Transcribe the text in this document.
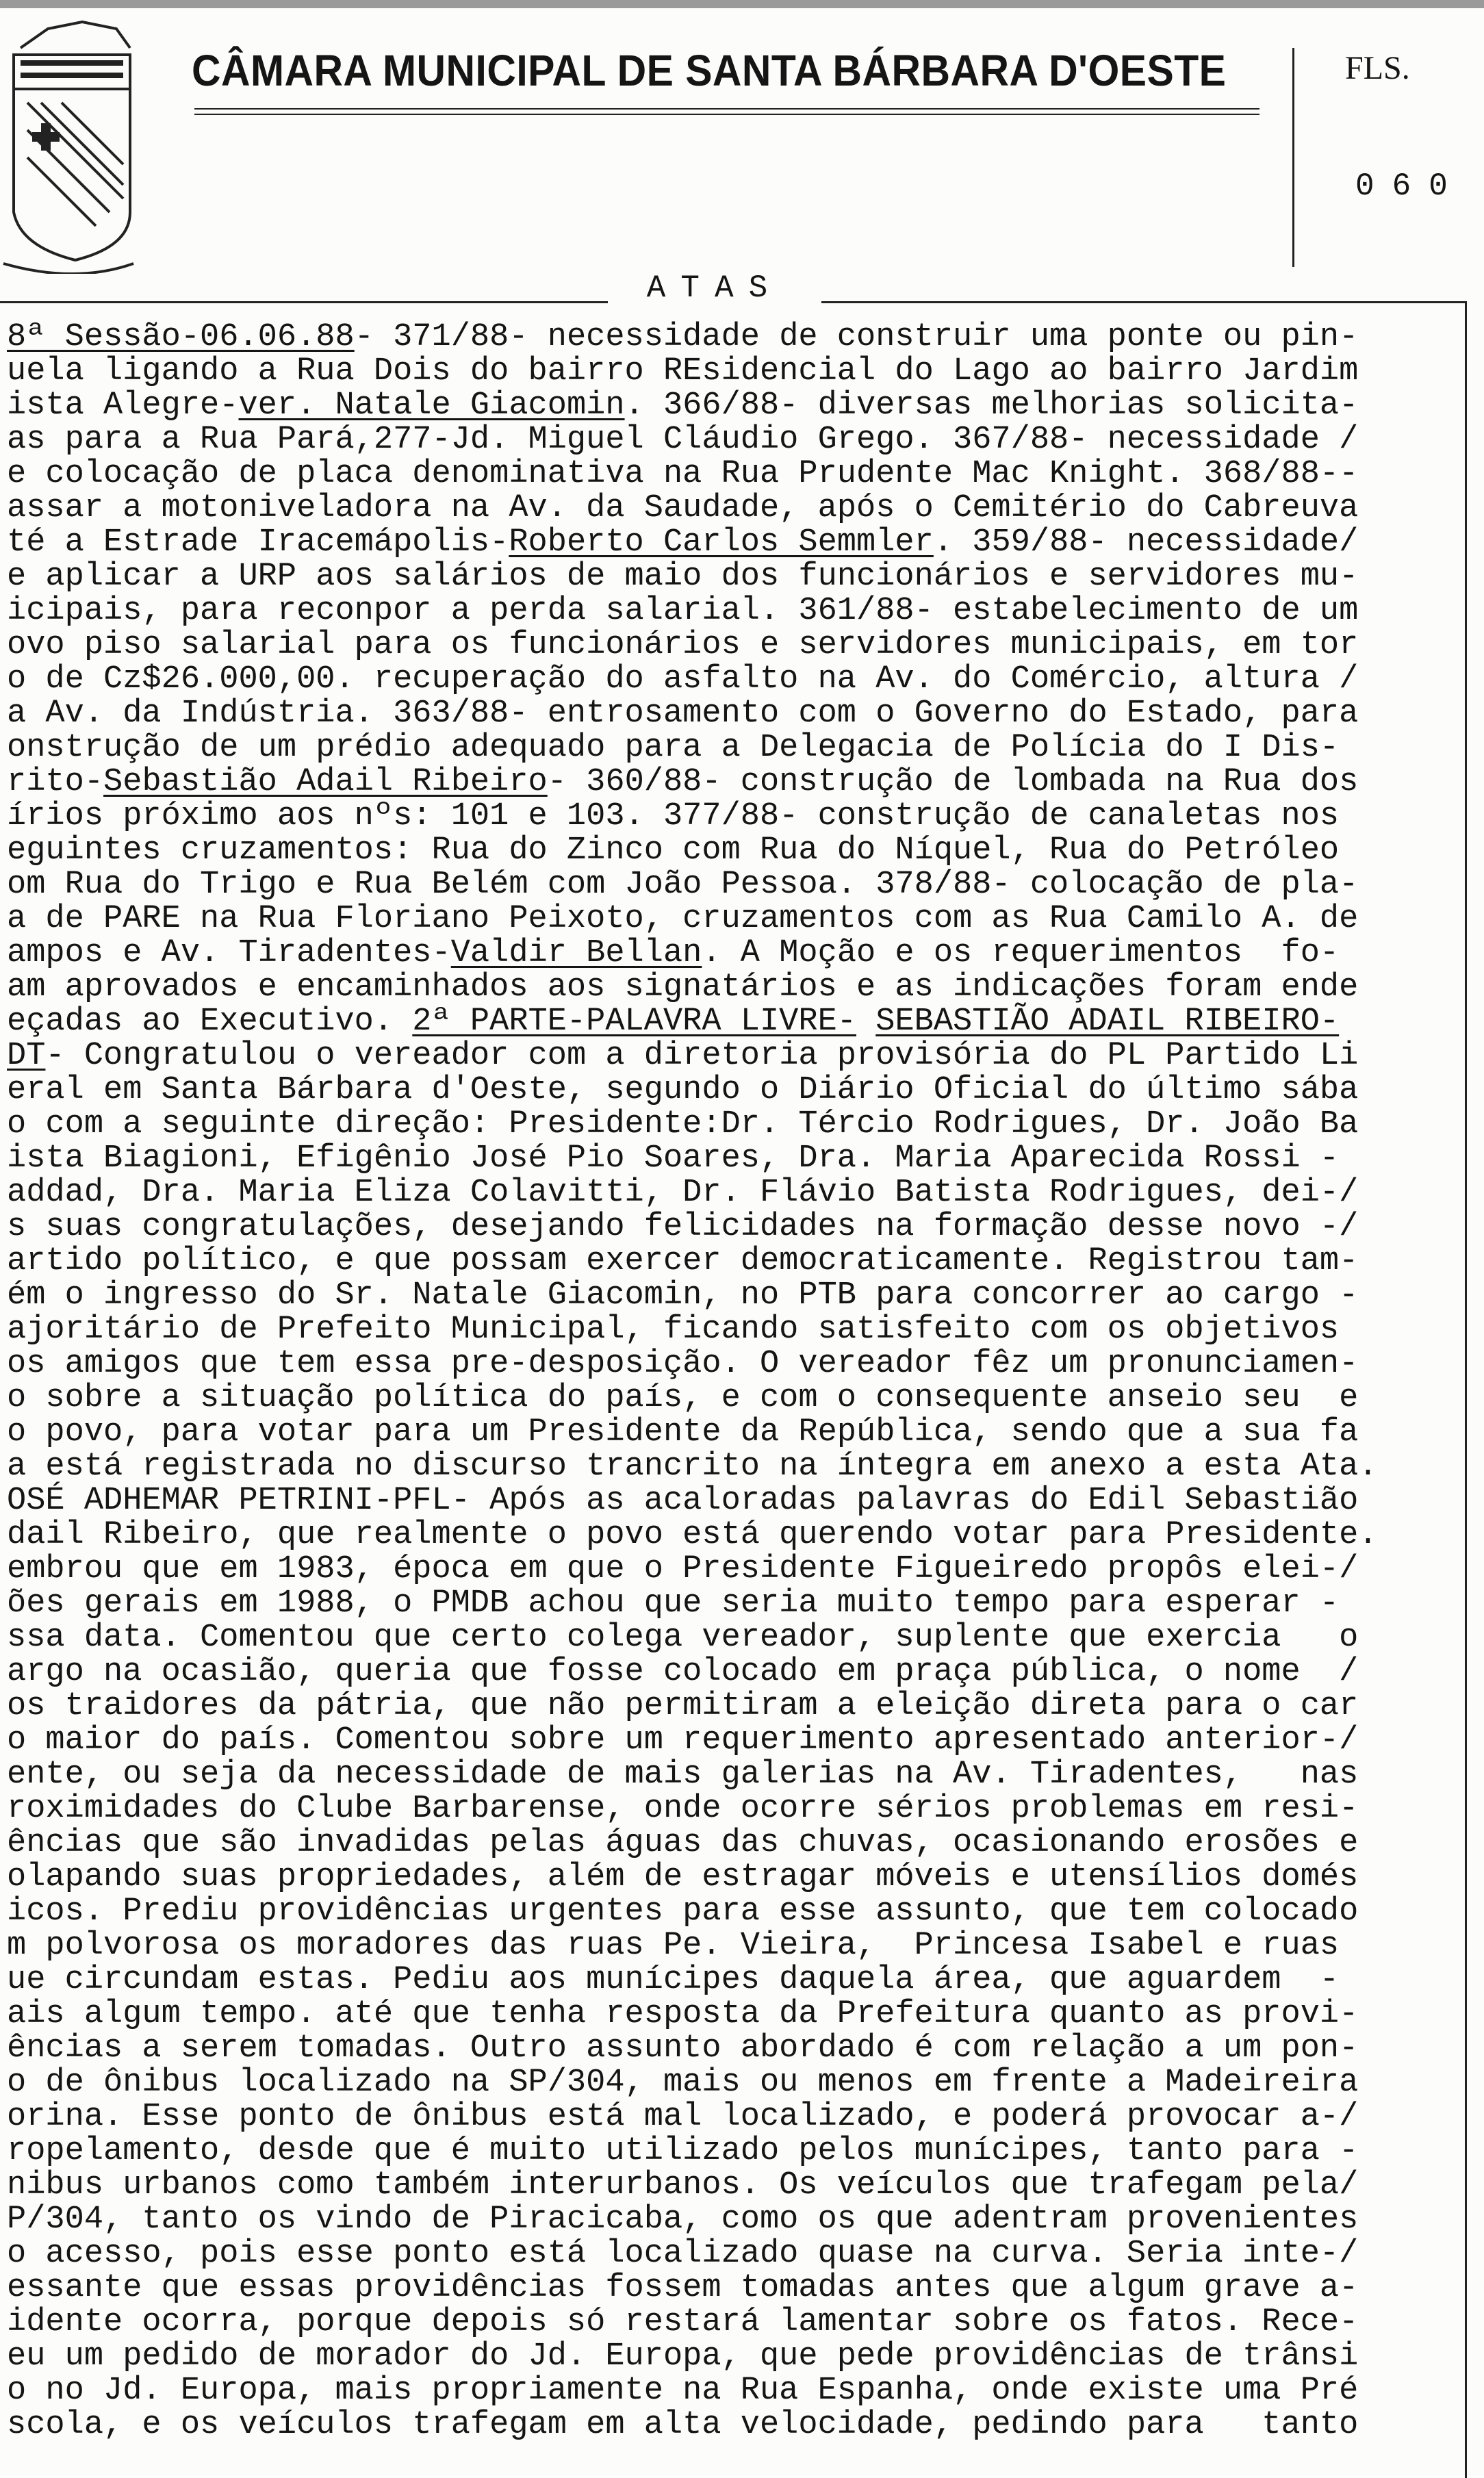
CÂMARA MUNICIPAL DE SANTA BÁRBARA D'OESTE	FLS.
060
ATAS
8ª Sessão-06.06.88- 371/88- necessidade de construir uma ponte ou pin-
uela ligando a Rua Dois do bairro REsidencial do Lago ao bairro Jardim
ista Alegre-ver. Natale Giacomin. 366/88- diversas melhorias solicita-
as para a Rua Pará,277-Jd. Miguel Cláudio Grego. 367/88- necessidade /
e colocação de placa denominativa na Rua Prudente Mac Knight. 368/88--
assar a motoniveladora na Av. da Saudade, após o Cemitério do Cabreuva
té a Estrade Iracemápolis-Roberto Carlos Semmler. 359/88- necessidade/
e aplicar a URP aos salários de maio dos funcionários e servidores mu-
icipais, para reconpor a perda salarial. 361/88- estabelecimento de um
ovo piso salarial para os funcionários e servidores municipais, em tor
o de Cz$26.000,00. recuperação do asfalto na Av. do Comércio, altura /
a Av. da Indústria. 363/88- entrosamento com o Governo do Estado, para
onstrução de um prédio adequado para a Delegacia de Polícia do I Dis-
rito-Sebastião Adail Ribeiro- 360/88- construção de lombada na Rua dos
írios próximo aos nºs: 101 e 103. 377/88- construção de canaletas nos
eguintes cruzamentos: Rua do Zinco com Rua do Níquel, Rua do Petróleo
om Rua do Trigo e Rua Belém com João Pessoa. 378/88- colocação de pla-
a de PARE na Rua Floriano Peixoto, cruzamentos com as Rua Camilo A. de
ampos e Av. Tiradentes-Valdir Bellan. A Moção e os requerimentos  fo-
am aprovados e encaminhados aos signatários e as indicações foram ende
eçadas ao Executivo. 2ª PARTE-PALAVRA LIVRE- SEBASTIÃO ADAIL RIBEIRO-
DT- Congratulou o vereador com a diretoria provisória do PL Partido Li
eral em Santa Bárbara d'Oeste, segundo o Diário Oficial do último sába
o com a seguinte direção: Presidente:Dr. Tércio Rodrigues, Dr. João Ba
ista Biagioni, Efigênio José Pio Soares, Dra. Maria Aparecida Rossi -
addad, Dra. Maria Eliza Colavitti, Dr. Flávio Batista Rodrigues, dei-/
s suas congratulações, desejando felicidades na formação desse novo -/
artido político, e que possam exercer democraticamente. Registrou tam-
ém o ingresso do Sr. Natale Giacomin, no PTB para concorrer ao cargo -
ajoritário de Prefeito Municipal, ficando satisfeito com os objetivos
os amigos que tem essa pre-desposição. O vereador fêz um pronunciamen-
o sobre a situação política do país, e com o consequente anseio seu  e
o povo, para votar para um Presidente da República, sendo que a sua fa
a está registrada no discurso trancrito na íntegra em anexo a esta Ata.
OSÉ ADHEMAR PETRINI-PFL- Após as acaloradas palavras do Edil Sebastião
dail Ribeiro, que realmente o povo está querendo votar para Presidente.
embrou que em 1983, época em que o Presidente Figueiredo propôs elei-/
ões gerais em 1988, o PMDB achou que seria muito tempo para esperar -
ssa data. Comentou que certo colega vereador, suplente que exercia   o
argo na ocasião, queria que fosse colocado em praça pública, o nome  /
os traidores da pátria, que não permitiram a eleição direta para o car
o maior do país. Comentou sobre um requerimento apresentado anterior-/
ente, ou seja da necessidade de mais galerias na Av. Tiradentes,   nas
roximidades do Clube Barbarense, onde ocorre sérios problemas em resi-
ências que são invadidas pelas águas das chuvas, ocasionando erosões e
olapando suas propriedades, além de estragar móveis e utensílios domés
icos. Prediu providências urgentes para esse assunto, que tem colocado
m polvorosa os moradores das ruas Pe. Vieira,  Princesa Isabel e ruas
ue circundam estas. Pediu aos munícipes daquela área, que aguardem  -
ais algum tempo. até que tenha resposta da Prefeitura quanto as provi-
ências a serem tomadas. Outro assunto abordado é com relação a um pon-
o de ônibus localizado na SP/304, mais ou menos em frente a Madeireira
orina. Esse ponto de ônibus está mal localizado, e poderá provocar a-/
ropelamento, desde que é muito utilizado pelos munícipes, tanto para -
nibus urbanos como também interurbanos. Os veículos que trafegam pela/
P/304, tanto os vindo de Piracicaba, como os que adentram provenientes
o acesso, pois esse ponto está localizado quase na curva. Seria inte-/
essante que essas providências fossem tomadas antes que algum grave a-
idente ocorra, porque depois só restará lamentar sobre os fatos. Rece-
eu um pedido de morador do Jd. Europa, que pede providências de trânsi
o no Jd. Europa, mais propriamente na Rua Espanha, onde existe uma Pré
scola, e os veículos trafegam em alta velocidade, pedindo para   tanto
